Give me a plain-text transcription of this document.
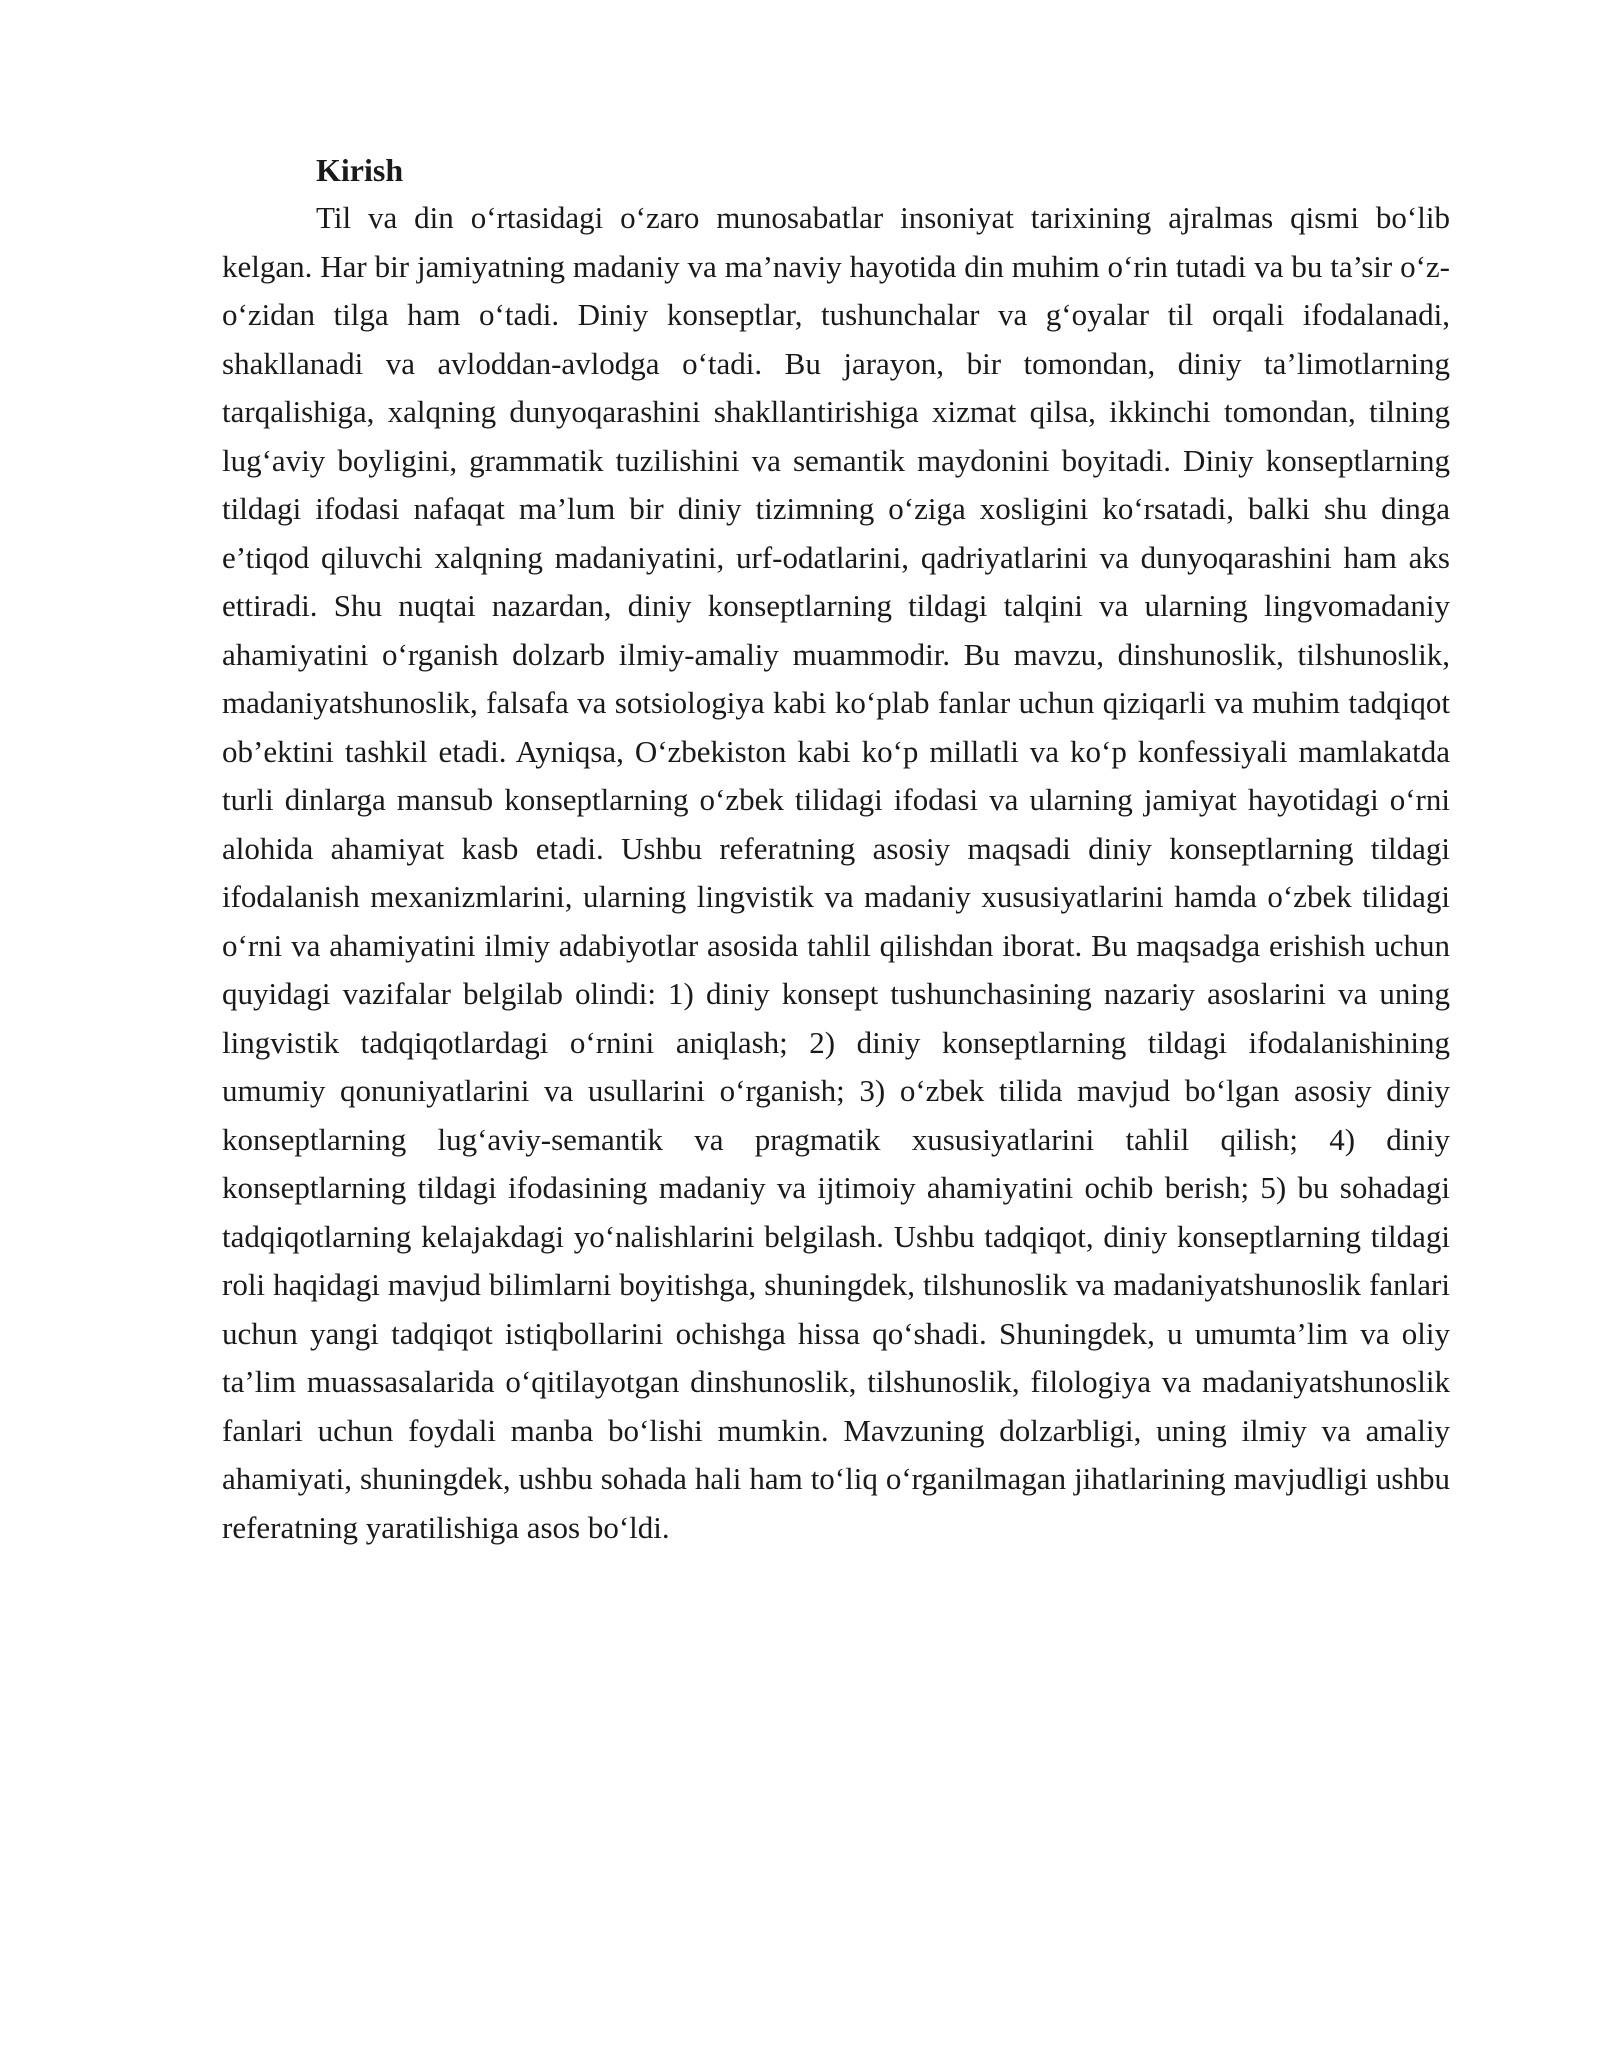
Kirish

Til va din o‘rtasidagi o‘zaro munosabatlar insoniyat tarixining ajralmas qismi bo‘lib kelgan. Har bir jamiyatning madaniy va ma’naviy hayotida din muhim o‘rin tutadi va bu ta’sir o‘z-o‘zidan tilga ham o‘tadi. Diniy konseptlar, tushunchalar va g‘oyalar til orqali ifodalanadi, shakllanadi va avloddan-avlodga o‘tadi. Bu jarayon, bir tomondan, diniy ta’limotlarning tarqalishiga, xalqning dunyoqarashini shakllantirishiga xizmat qilsa, ikkinchi tomondan, tilning lug‘aviy boyligini, grammatik tuzilishini va semantik maydonini boyitadi. Diniy konseptlarning tildagi ifodasi nafaqat ma’lum bir diniy tizimning o‘ziga xosligini ko‘rsatadi, balki shu dinga e’tiqod qiluvchi xalqning madaniyatini, urf-odatlarini, qadriyatlarini va dunyoqarashini ham aks ettiradi. Shu nuqtai nazardan, diniy konseptlarning tildagi talqini va ularning lingvomadaniy ahamiyatini o‘rganish dolzarb ilmiy-amaliy muammodir. Bu mavzu, dinshunoslik, tilshunoslik, madaniyatshunoslik, falsafa va sotsiologiya kabi ko‘plab fanlar uchun qiziqarli va muhim tadqiqot ob’ektini tashkil etadi. Ayniqsa, O‘zbekiston kabi ko‘p millatli va ko‘p konfessiyali mamlakatda turli dinlarga mansub konseptlarning o‘zbek tilidagi ifodasi va ularning jamiyat hayotidagi o‘rni alohida ahamiyat kasb etadi. Ushbu referatning asosiy maqsadi diniy konseptlarning tildagi ifodalanish mexanizmlarini, ularning lingvistik va madaniy xususiyatlarini hamda o‘zbek tilidagi o‘rni va ahamiyatini ilmiy adabiyotlar asosida tahlil qilishdan iborat. Bu maqsadga erishish uchun quyidagi vazifalar belgilab olindi: 1) diniy konsept tushunchasining nazariy asoslarini va uning lingvistik tadqiqotlardagi o‘rnini aniqlash; 2) diniy konseptlarning tildagi ifodalanishining umumiy qonuniyatlarini va usullarini o‘rganish; 3) o‘zbek tilida mavjud bo‘lgan asosiy diniy konseptlarning lug‘aviy-semantik va pragmatik xususiyatlarini tahlil qilish; 4) diniy konseptlarning tildagi ifodasining madaniy va ijtimoiy ahamiyatini ochib berish; 5) bu sohadagi tadqiqotlarning kelajakdagi yo‘nalishlarini belgilash. Ushbu tadqiqot, diniy konseptlarning tildagi roli haqidagi mavjud bilimlarni boyitishga, shuningdek, tilshunoslik va madaniyatshunoslik fanlari uchun yangi tadqiqot istiqbollarini ochishga hissa qo‘shadi. Shuningdek, u umumta’lim va oliy ta’lim muassasalarida o‘qitilayotgan dinshunoslik, tilshunoslik, filologiya va madaniyatshunoslik fanlari uchun foydali manba bo‘lishi mumkin. Mavzuning dolzarbligi, uning ilmiy va amaliy ahamiyati, shuningdek, ushbu sohada hali ham to‘liq o‘rganilmagan jihatlarining mavjudligi ushbu referatning yaratilishiga asos bo‘ldi.
